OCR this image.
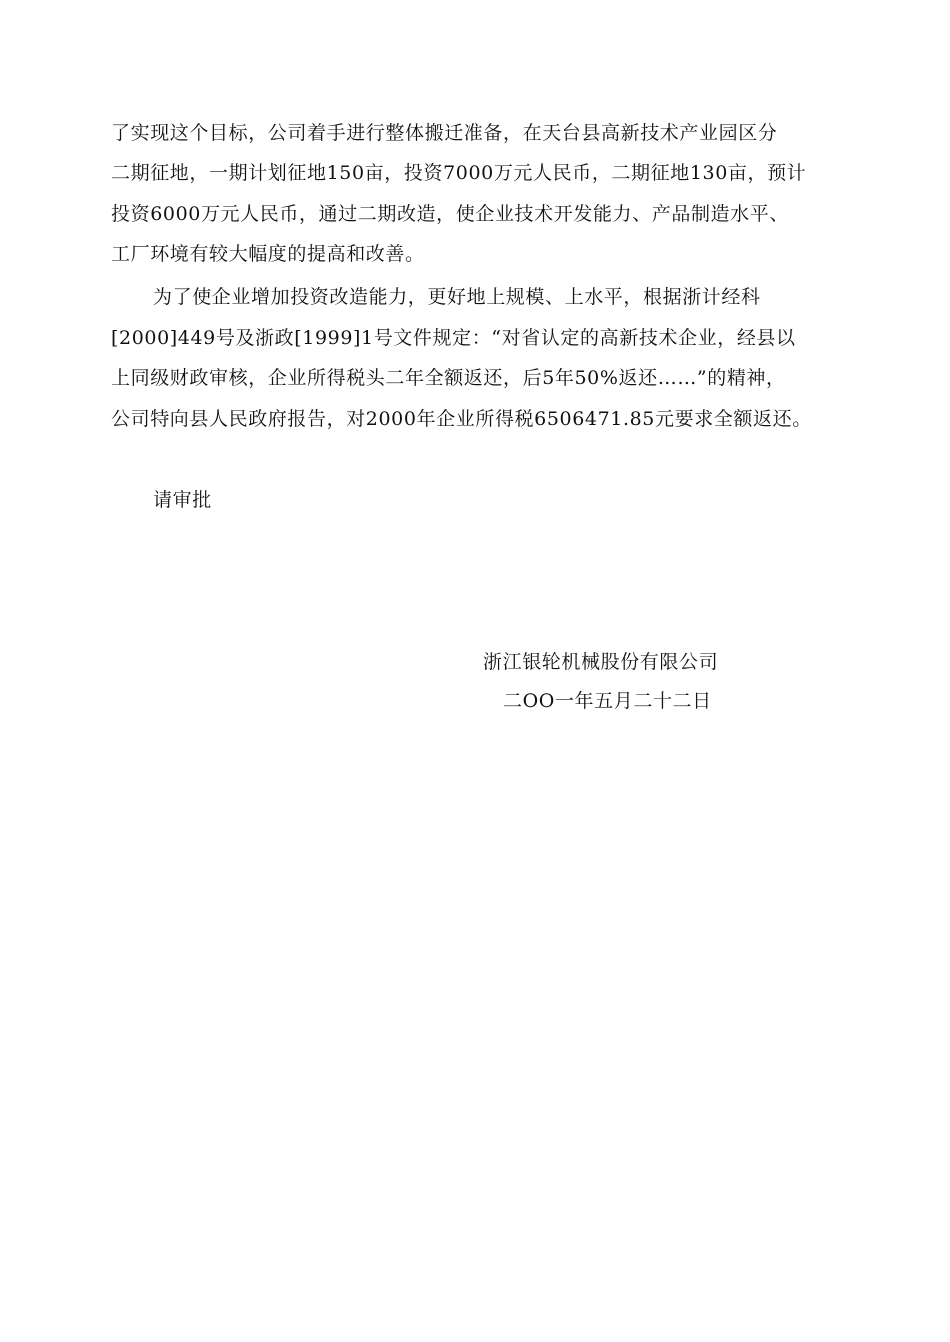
了实现这个目标，公司着手进行整体搬迁准备，在天台县高新技术产业园区分
二期征地，一期计划征地150亩，投资7000万元人民币，二期征地130亩，预计
投资6000万元人民币，通过二期改造，使企业技术开发能力、产品制造水平、
工厂环境有较大幅度的提高和改善。
为了使企业增加投资改造能力，更好地上规模、上水平，根据浙计经科
[2000]449号及浙政[1999]1号文件规定：“对省认定的高新技术企业，经县以
上同级财政审核，企业所得税头二年全额返还，后5年50%返还……”的精神，
公司特向县人民政府报告，对2000年企业所得税6506471.85元要求全额返还。
请审批
浙江银轮机械股份有限公司
二OO一年五月二十二日
